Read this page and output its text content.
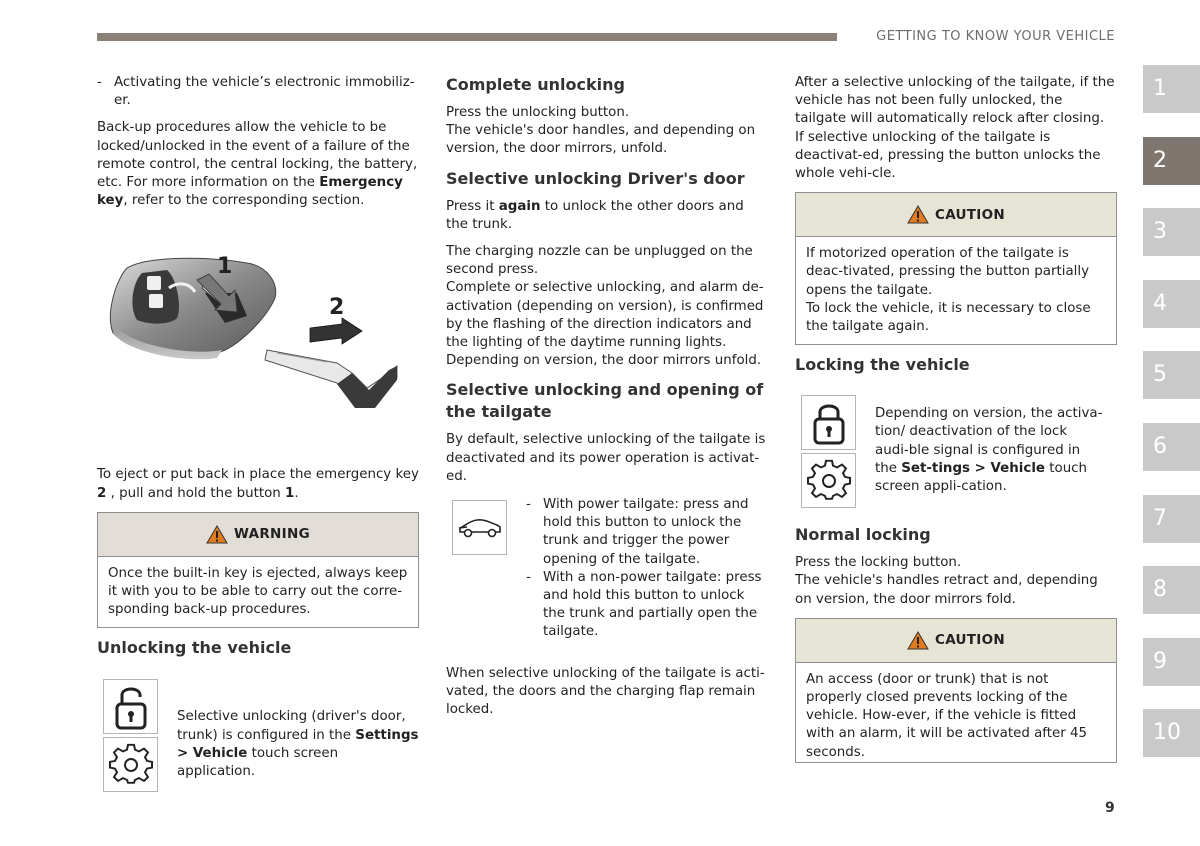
GETTING TO KNOW YOUR VEHICLE

- Activating the vehicle’s electronic immobiliz-er.

Back-up procedures allow the vehicle to be locked/unlocked in the event of a failure of the remote control, the central locking, the battery, etc. For more information on the Emergency key, refer to the corresponding section.

1
2

To eject or put back in place the emergency key 2 , pull and hold the button 1.

WARNING
Once the built-in key is ejected, always keep it with you to be able to carry out the corre-sponding back-up procedures.

Unlocking the vehicle

Selective unlocking (driver's door, trunk) is configured in the Settings
> Vehicle touch screen application.

Complete unlocking

Press the unlocking button.

The vehicle's door handles, and depending on version, the door mirrors, unfold.

Selective unlocking Driver's door

Press it again to unlock the other doors and the trunk.

The charging nozzle can be unplugged on the second press.

Complete or selective unlocking, and alarm de-activation (depending on version), is confirmed by the flashing of the direction indicators and the lighting of the daytime running lights.

Depending on version, the door mirrors unfold.

Selective unlocking and opening of the tailgate

By default, selective unlocking of the tailgate is deactivated and its power operation is activat-ed.

- With power tailgate: press and hold this button to unlock the trunk and trigger the power opening of the tailgate.

- With a non-power tailgate: press and hold this button to unlock the trunk and partially open the tailgate.

When selective unlocking of the tailgate is acti-vated, the doors and the charging flap remain locked.

After a selective unlocking of the tailgate, if the vehicle has not been fully unlocked, the tailgate will automatically relock after closing.

If selective unlocking of the tailgate is deactivat-ed, pressing the button unlocks the whole vehi-cle.

CAUTION

If motorized operation of the tailgate is deac-tivated, pressing the button partially opens the tailgate.

To lock the vehicle, it is necessary to close the tailgate again.

Locking the vehicle

Depending on version, the activa-tion/ deactivation of the lock audi-ble signal is configured in the Set-tings > Vehicle touch screen appli-cation.

Normal locking

Press the locking button.

The vehicle's handles retract and, depending on version, the door mirrors fold.

CAUTION
An access (door or trunk) that is not properly closed prevents locking of the vehicle. How-ever, if the vehicle is fitted with an alarm, it will be activated after 45 seconds.
1
2
3
4
5
6
7
8
9
10
9
